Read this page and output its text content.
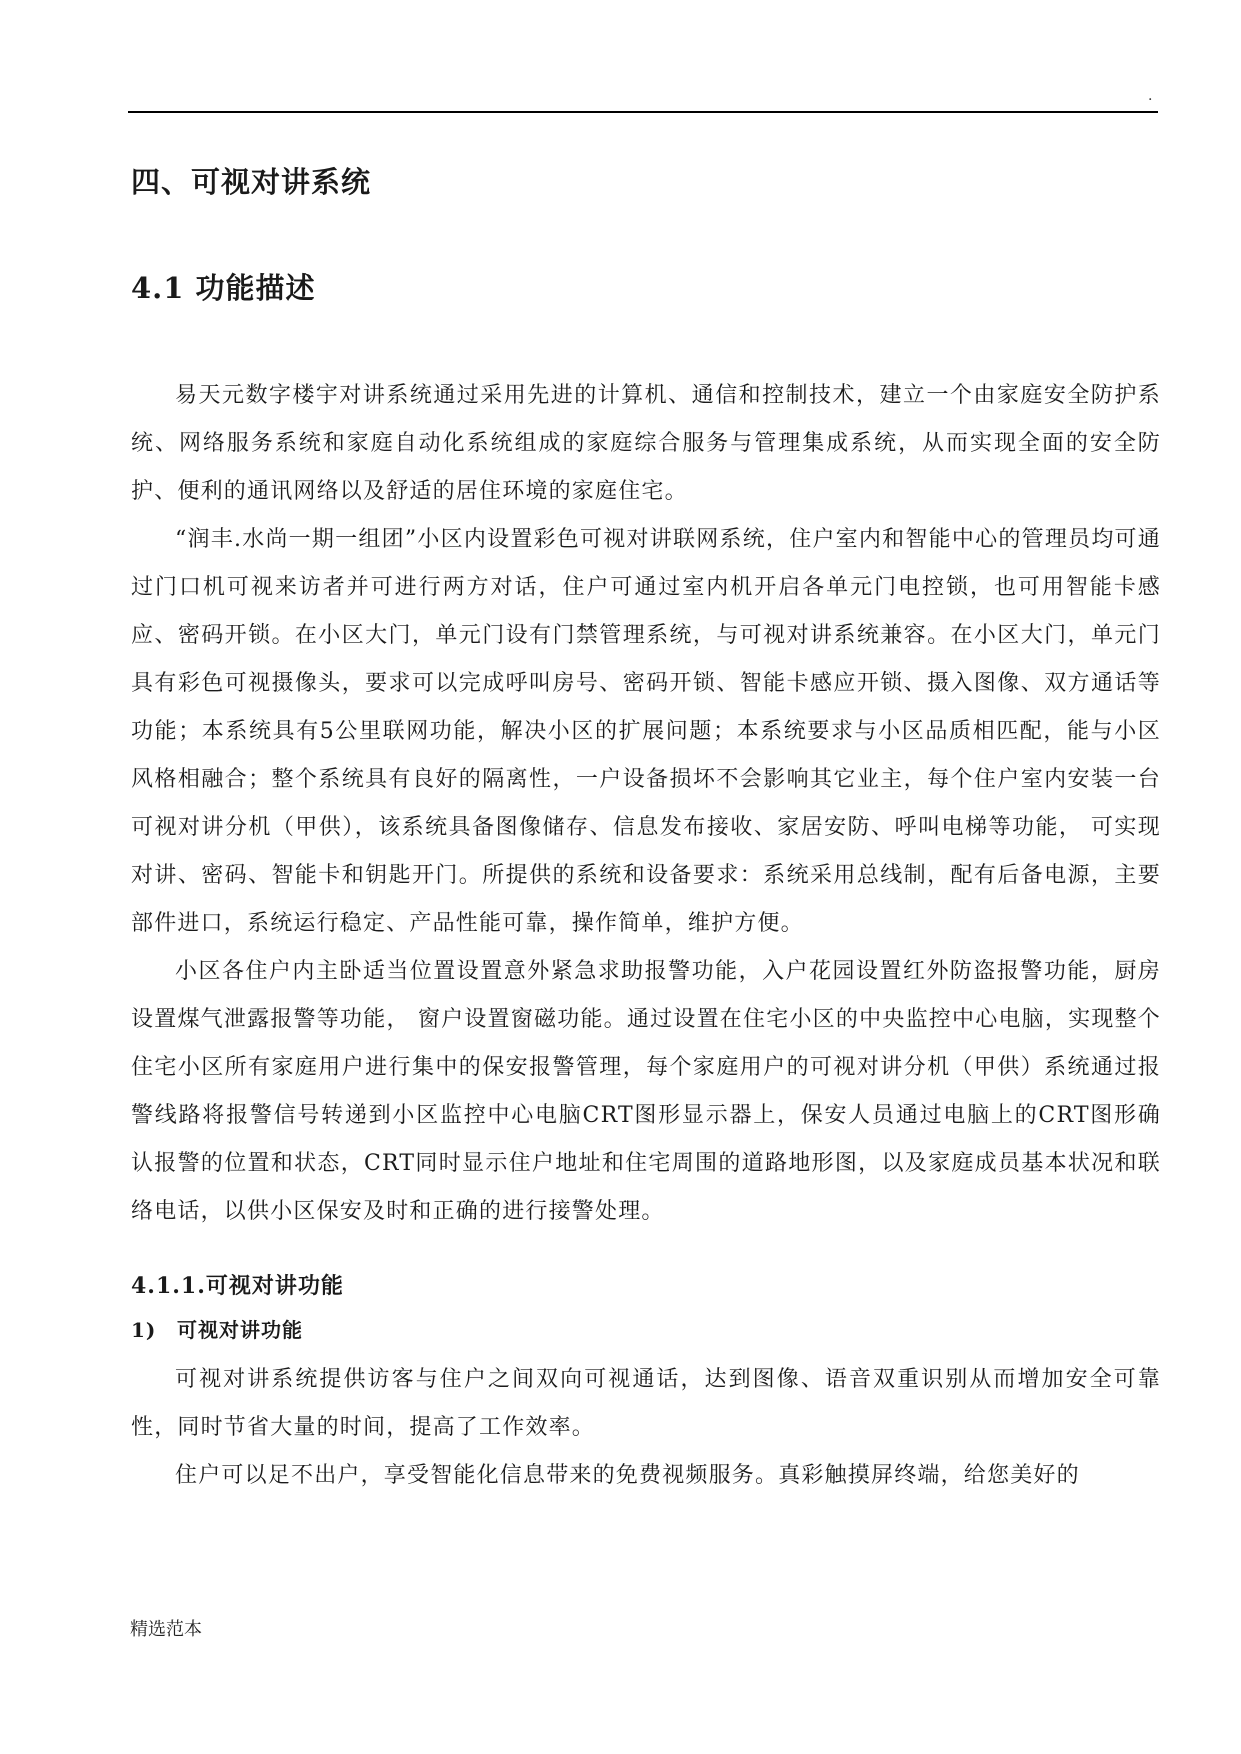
.
四、可视对讲系统
4.1 功能描述

易天元数字楼宇对讲系统通过采用先进的计算机、通信和控制技术，建立一个由家庭安全防护系统、网络服务系统和家庭自动化系统组成的家庭综合服务与管理集成系统，从而实现全面的安全防护、便利的通讯网络以及舒适的居住环境的家庭住宅。

“润丰.水尚一期一组团”小区内设置彩色可视对讲联网系统，住户室内和智能中心的管理员均可通过门口机可视来访者并可进行两方对话，住户可通过室内机开启各单元门电控锁，也可用智能卡感应、密码开锁。在小区大门，单元门设有门禁管理系统，与可视对讲系统兼容。在小区大门，单元门具有彩色可视摄像头，要求可以完成呼叫房号、密码开锁、智能卡感应开锁、摄入图像、双方通话等功能；本系统具有5公里联网功能，解决小区的扩展问题；本系统要求与小区品质相匹配，能与小区风格相融合；整个系统具有良好的隔离性，一户设备损坏不会影响其它业主，每个住户室内安装一台可视对讲分机（甲供），该系统具备图像储存、信息发布接收、家居安防、呼叫电梯等功能， 可实现对讲、密码、智能卡和钥匙开门。所提供的系统和设备要求：系统采用总线制，配有后备电源，主要部件进口，系统运行稳定、产品性能可靠，操作简单，维护方便。

小区各住户内主卧适当位置设置意外紧急求助报警功能，入户花园设置红外防盗报警功能，厨房设置煤气泄露报警等功能， 窗户设置窗磁功能。通过设置在住宅小区的中央监控中心电脑，实现整个住宅小区所有家庭用户进行集中的保安报警管理，每个家庭用户的可视对讲分机（甲供）系统通过报警线路将报警信号转递到小区监控中心电脑CRT图形显示器上，保安人员通过电脑上的CRT图形确认报警的位置和状态，CRT同时显示住户地址和住宅周围的道路地形图，以及家庭成员基本状况和联络电话，以供小区保安及时和正确的进行接警处理。

4.1.1.可视对讲功能
1) 可视对讲功能

可视对讲系统提供访客与住户之间双向可视通话，达到图像、语音双重识别从而增加安全可靠性，同时节省大量的时间，提高了工作效率。

住户可以足不出户，享受智能化信息带来的免费视频服务。真彩触摸屏终端，给您美好的

精选范本
